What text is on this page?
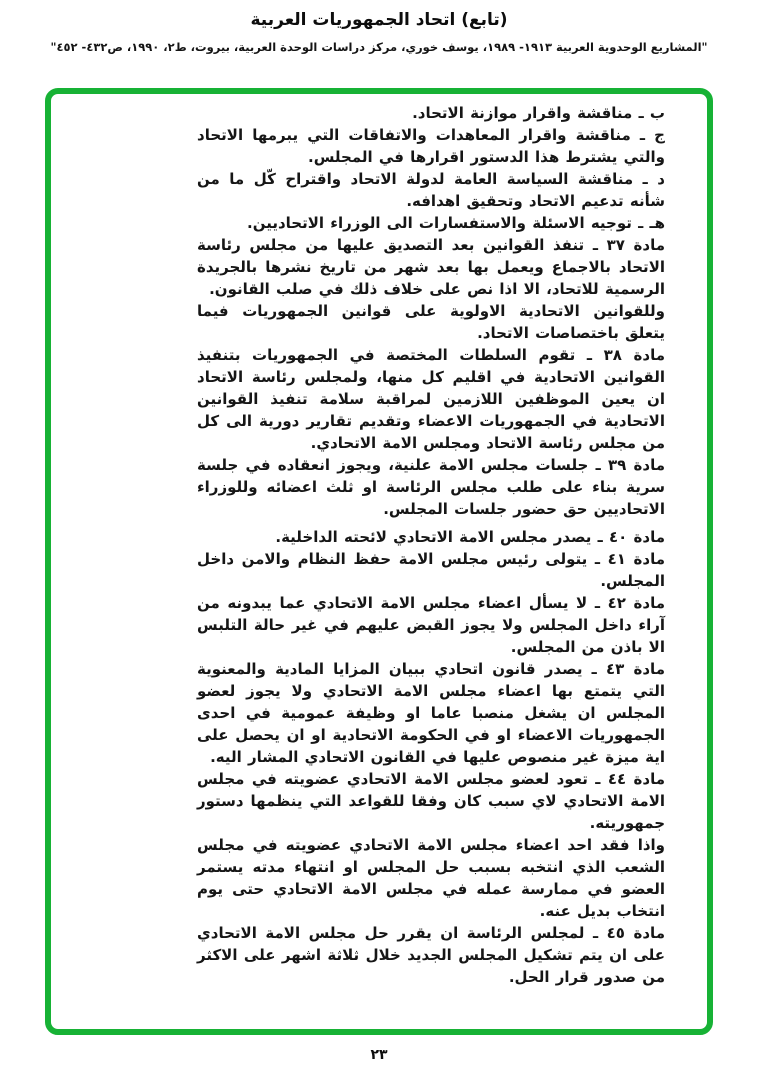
(تابع) اتحاد الجمهوريات العربية
"المشاريع الوحدوية العربية ١٩١٣- ١٩٨٩، يوسف خوري، مركز دراسات الوحدة العربية، بيروت، ط٢، ١٩٩٠، ص٤٣٢- ٤٥٢"

ب ـ مناقشة واقرار موازنة الاتحاد.

ج ـ مناقشة واقرار المعاهدات والاتفاقات التي يبرمها الاتحاد والتي يشترط هذا الدستور اقرارها في المجلس.

د ـ مناقشة السياسة العامة لدولة الاتحاد واقتراح كّل ما من شأنه تدعيم الاتحاد وتحقيق اهدافه.

هـ ـ توجيه الاسئلة والاستفسارات الى الوزراء الاتحاديين.

مادة ٣٧ ـ تنفذ القوانين بعد التصديق عليها من مجلس رئاسة الاتحاد بالاجماع ويعمل بها بعد شهر من تاريخ نشرها بالجريدة الرسمية للاتحاد، الا اذا نص على خلاف ذلك في صلب القانون.

وللقوانين الاتحادية الاولوية على قوانين الجمهوريات فيما يتعلق باختصاصات الاتحاد.

مادة ٣٨ ـ تقوم السلطات المختصة في الجمهوريات بتنفيذ القوانين الاتحادية في اقليم كل منها، ولمجلس رئاسة الاتحاد ان يعين الموظفين اللازمين لمراقبة سلامة تنفيذ القوانين الاتحادية في الجمهوريات الاعضاء وتقديم تقارير دورية الى كل من مجلس رئاسة الاتحاد ومجلس الامة الاتحادي.

مادة ٣٩ ـ جلسات مجلس الامة علنية، ويجوز انعقاده في جلسة سرية بناء على طلب مجلس الرئاسة او ثلث اعضائه وللوزراء الاتحاديين حق حضور جلسات المجلس.

مادة ٤٠ ـ يصدر مجلس الامة الاتحادي لائحته الداخلية.

مادة ٤١ ـ يتولى رئيس مجلس الامة حفظ النظام والامن داخل المجلس.

مادة ٤٢ ـ لا يسأل اعضاء مجلس الامة الاتحادي عما يبدونه من آراء داخل المجلس ولا يجوز القبض عليهم في غير حالة التلبس الا باذن من المجلس.

مادة ٤٣ ـ يصدر قانون اتحادي ببيان المزايا المادية والمعنوية التي يتمتع بها اعضاء مجلس الامة الاتحادي ولا يجوز لعضو المجلس ان يشغل منصبا عاما او وظيفة عمومية في احدى الجمهوريات الاعضاء او في الحكومة الاتحادية او ان يحصل على اية ميزة غير منصوص عليها في القانون الاتحادي المشار اليه.

مادة ٤٤ ـ تعود لعضو مجلس الامة الاتحادي عضويته في مجلس الامة الاتحادي لاي سبب كان وفقا للقواعد التي ينظمها دستور جمهوريته.

واذا فقد احد اعضاء مجلس الامة الاتحادي عضويته في مجلس الشعب الذي انتخبه بسبب حل المجلس او انتهاء مدته يستمر العضو في ممارسة عمله في مجلس الامة الاتحادي حتى يوم انتخاب بديل عنه.

مادة ٤٥ ـ لمجلس الرئاسة ان يقرر حل مجلس الامة الاتحادي على ان يتم تشكيل المجلس الجديد خلال ثلاثة اشهر على الاكثر من صدور قرار الحل.

٢٣
